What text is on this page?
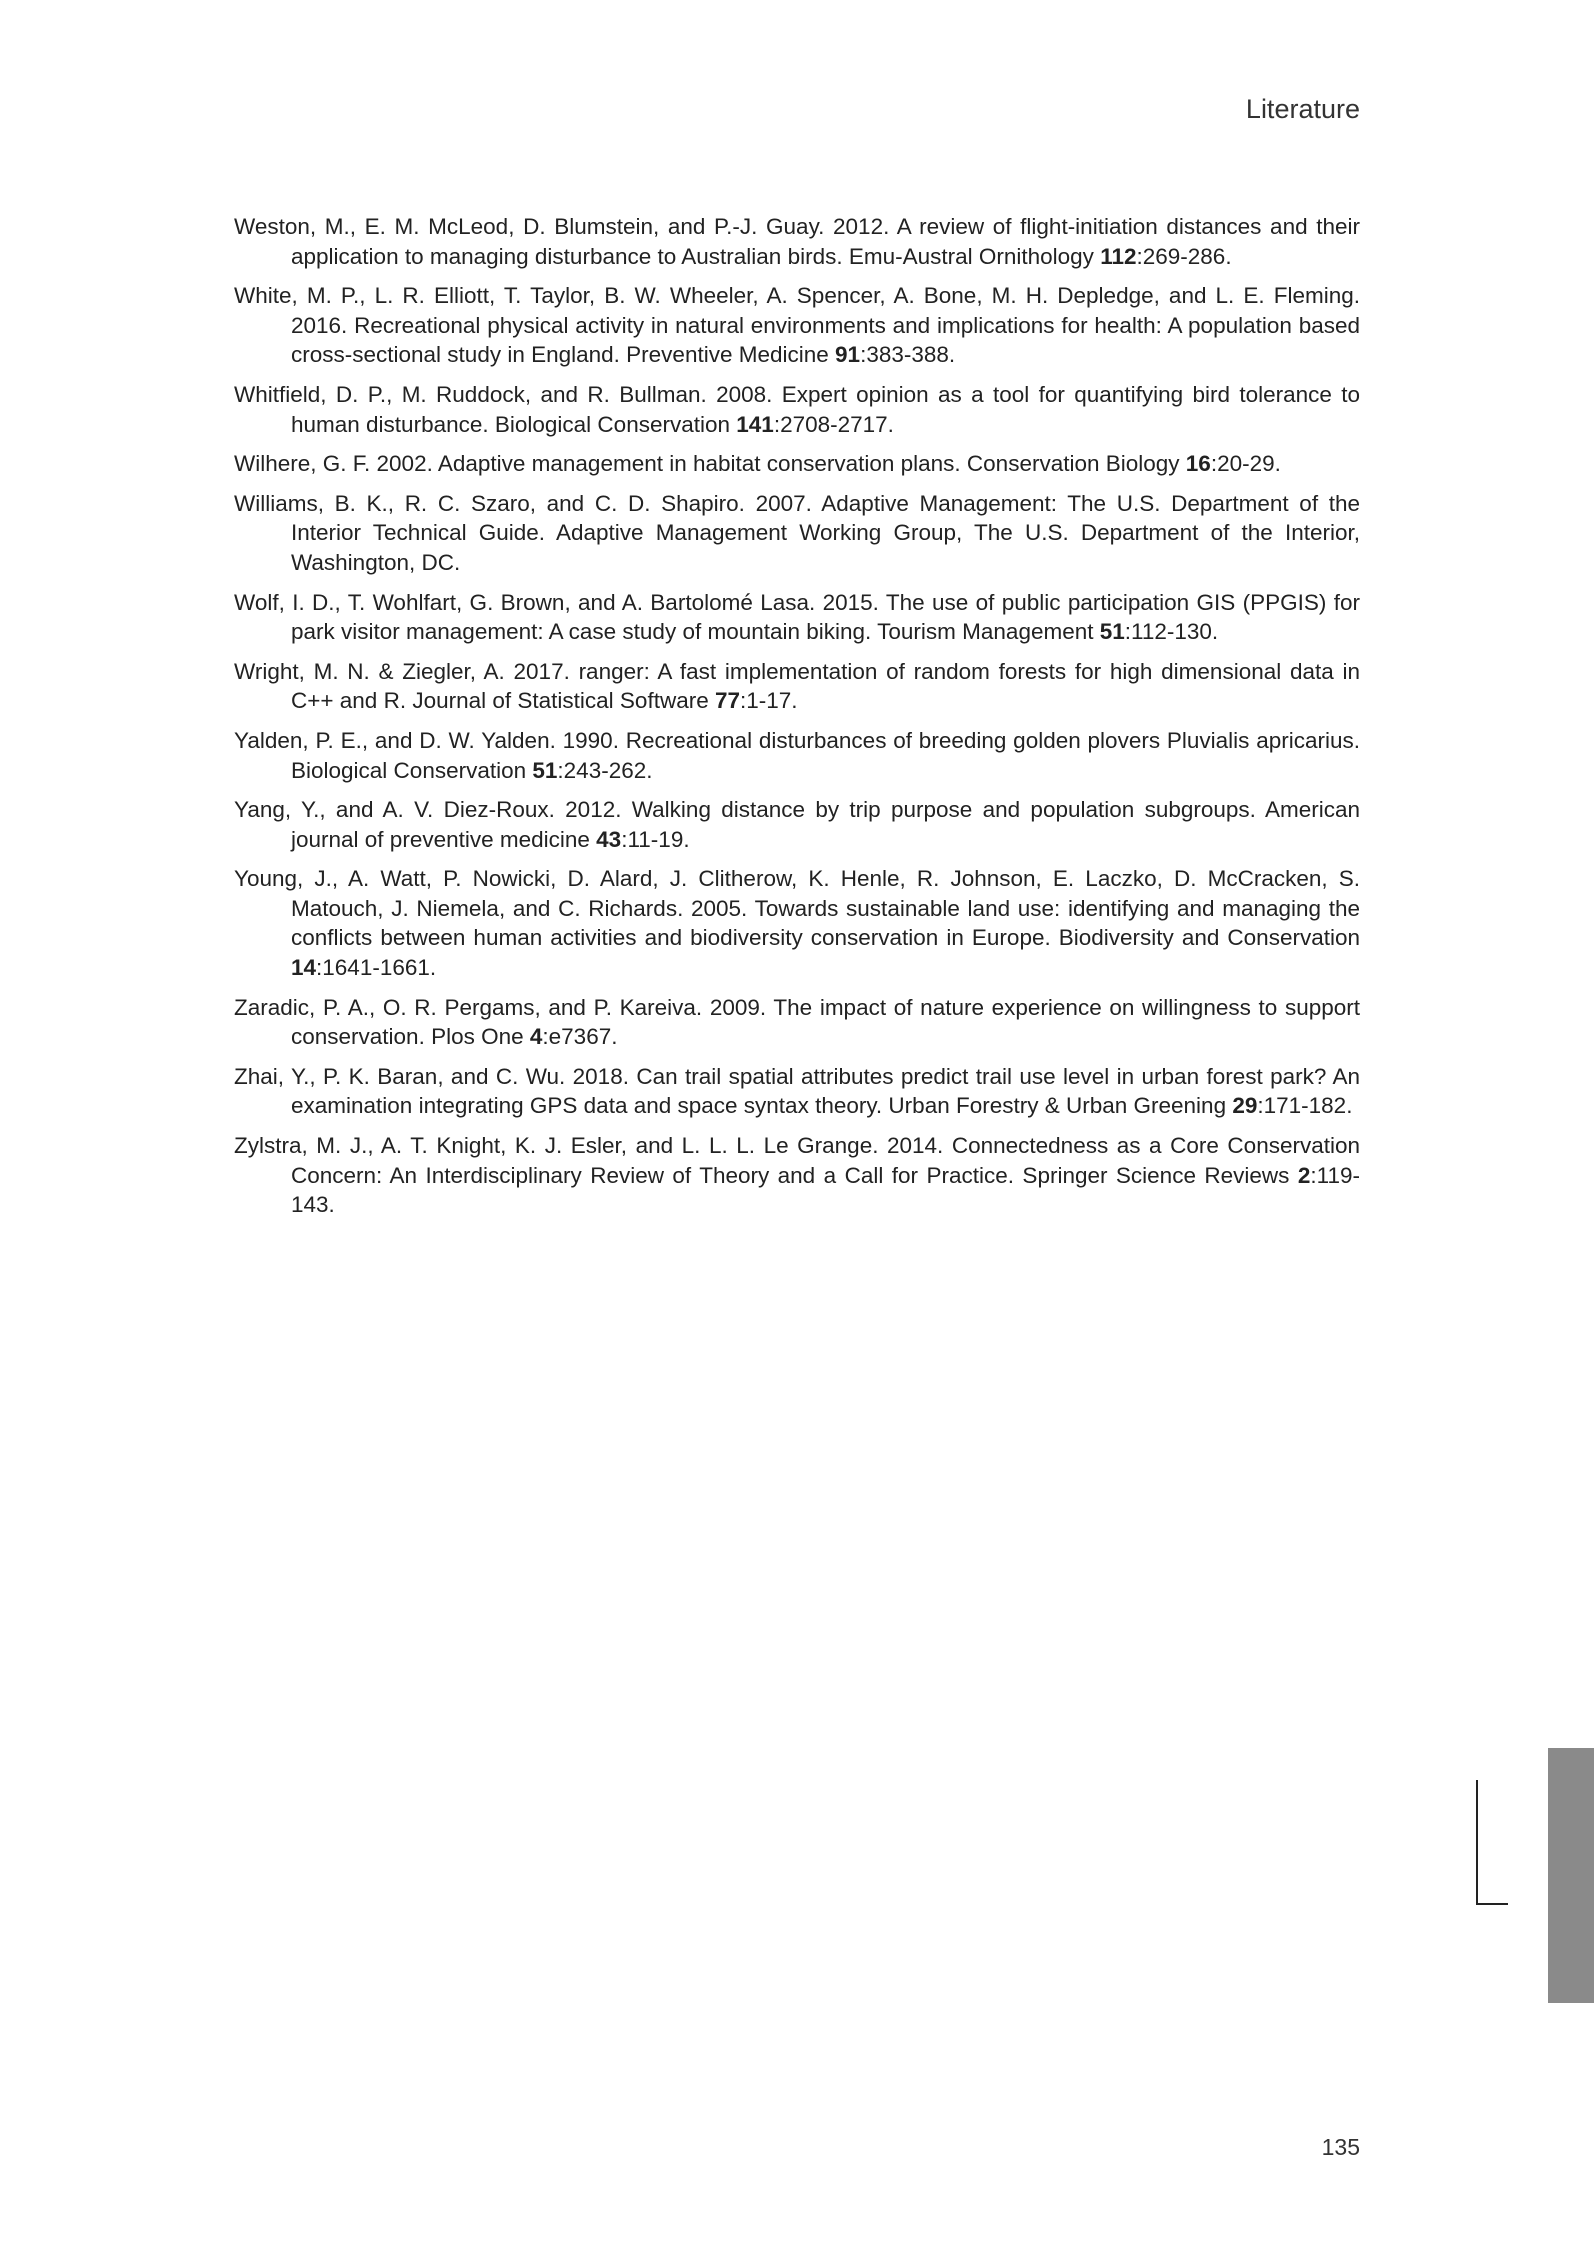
Literature
Weston, M., E. M. McLeod, D. Blumstein, and P.-J. Guay. 2012. A review of flight-initiation distances and their application to managing disturbance to Australian birds. Emu-Austral Ornithology 112:269-286.
White, M. P., L. R. Elliott, T. Taylor, B. W. Wheeler, A. Spencer, A. Bone, M. H. Depledge, and L. E. Fleming. 2016. Recreational physical activity in natural environments and implications for health: A population based cross-sectional study in England. Preventive Medicine 91:383-388.
Whitfield, D. P., M. Ruddock, and R. Bullman. 2008. Expert opinion as a tool for quantifying bird tolerance to human disturbance. Biological Conservation 141:2708-2717.
Wilhere, G. F. 2002. Adaptive management in habitat conservation plans. Conservation Biology 16:20-29.
Williams, B. K., R. C. Szaro, and C. D. Shapiro. 2007. Adaptive Management: The U.S. Department of the Interior Technical Guide. Adaptive Management Working Group, The U.S. Department of the Interior, Washington, DC.
Wolf, I. D., T. Wohlfart, G. Brown, and A. Bartolomé Lasa. 2015. The use of public participation GIS (PPGIS) for park visitor management: A case study of mountain biking. Tourism Management 51:112-130.
Wright, M. N. & Ziegler, A. 2017. ranger: A fast implementation of random forests for high dimensional data in C++ and R. Journal of Statistical Software 77:1-17.
Yalden, P. E., and D. W. Yalden. 1990. Recreational disturbances of breeding golden plovers Pluvialis apricarius. Biological Conservation 51:243-262.
Yang, Y., and A. V. Diez-Roux. 2012. Walking distance by trip purpose and population subgroups. American journal of preventive medicine 43:11-19.
Young, J., A. Watt, P. Nowicki, D. Alard, J. Clitherow, K. Henle, R. Johnson, E. Laczko, D. McCracken, S. Matouch, J. Niemela, and C. Richards. 2005. Towards sustainable land use: identifying and managing the conflicts between human activities and biodiversity conservation in Europe. Biodiversity and Conservation 14:1641-1661.
Zaradic, P. A., O. R. Pergams, and P. Kareiva. 2009. The impact of nature experience on willingness to support conservation. Plos One 4:e7367.
Zhai, Y., P. K. Baran, and C. Wu. 2018. Can trail spatial attributes predict trail use level in urban forest park? An examination integrating GPS data and space syntax theory. Urban Forestry & Urban Greening 29:171-182.
Zylstra, M. J., A. T. Knight, K. J. Esler, and L. L. L. Le Grange. 2014. Connectedness as a Core Conservation Concern: An Interdisciplinary Review of Theory and a Call for Practice. Springer Science Reviews 2:119-143.
135
